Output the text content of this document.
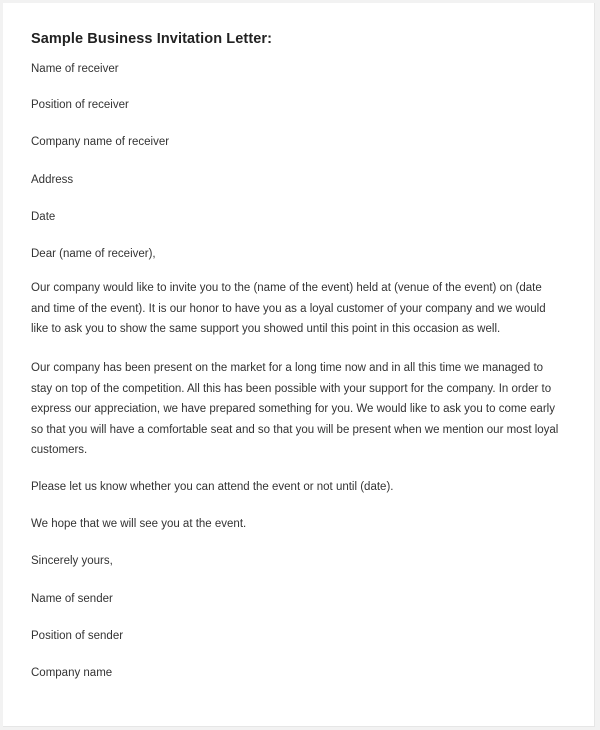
Sample Business Invitation Letter:

Name of receiver

Position of receiver

Company name of receiver

Address

Date

Dear (name of receiver),

Our company would like to invite you to the (name of the event) held at (venue of the event) on (date and time of the event). It is our honor to have you as a loyal customer of your company and we would like to ask you to show the same support you showed until this point in this occasion as well.

Our company has been present on the market for a long time now and in all this time we managed to stay on top of the competition. All this has been possible with your support for the company. In order to express our appreciation, we have prepared something for you. We would like to ask you to come early so that you will have a comfortable seat and so that you will be present when we mention our most loyal customers.

Please let us know whether you can attend the event or not until (date).

We hope that we will see you at the event.

Sincerely yours,

Name of sender

Position of sender

Company name
